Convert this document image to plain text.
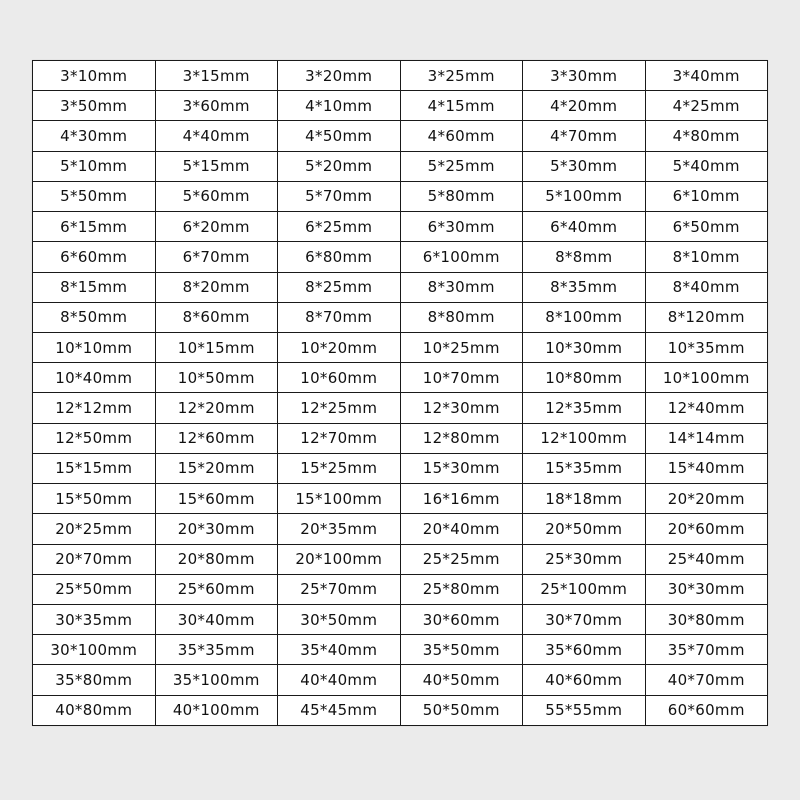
3*10mm	3*15mm	3*20mm	3*25mm	3*30mm	3*40mm
3*50mm	3*60mm	4*10mm	4*15mm	4*20mm	4*25mm
4*30mm	4*40mm	4*50mm	4*60mm	4*70mm	4*80mm
5*10mm	5*15mm	5*20mm	5*25mm	5*30mm	5*40mm
5*50mm	5*60mm	5*70mm	5*80mm	5*100mm	6*10mm
6*15mm	6*20mm	6*25mm	6*30mm	6*40mm	6*50mm
6*60mm	6*70mm	6*80mm	6*100mm	8*8mm	8*10mm
8*15mm	8*20mm	8*25mm	8*30mm	8*35mm	8*40mm
8*50mm	8*60mm	8*70mm	8*80mm	8*100mm	8*120mm
10*10mm	10*15mm	10*20mm	10*25mm	10*30mm	10*35mm
10*40mm	10*50mm	10*60mm	10*70mm	10*80mm	10*100mm
12*12mm	12*20mm	12*25mm	12*30mm	12*35mm	12*40mm
12*50mm	12*60mm	12*70mm	12*80mm	12*100mm	14*14mm
15*15mm	15*20mm	15*25mm	15*30mm	15*35mm	15*40mm
15*50mm	15*60mm	15*100mm	16*16mm	18*18mm	20*20mm
20*25mm	20*30mm	20*35mm	20*40mm	20*50mm	20*60mm
20*70mm	20*80mm	20*100mm	25*25mm	25*30mm	25*40mm
25*50mm	25*60mm	25*70mm	25*80mm	25*100mm	30*30mm
30*35mm	30*40mm	30*50mm	30*60mm	30*70mm	30*80mm
30*100mm	35*35mm	35*40mm	35*50mm	35*60mm	35*70mm
35*80mm	35*100mm	40*40mm	40*50mm	40*60mm	40*70mm
40*80mm	40*100mm	45*45mm	50*50mm	55*55mm	60*60mm
